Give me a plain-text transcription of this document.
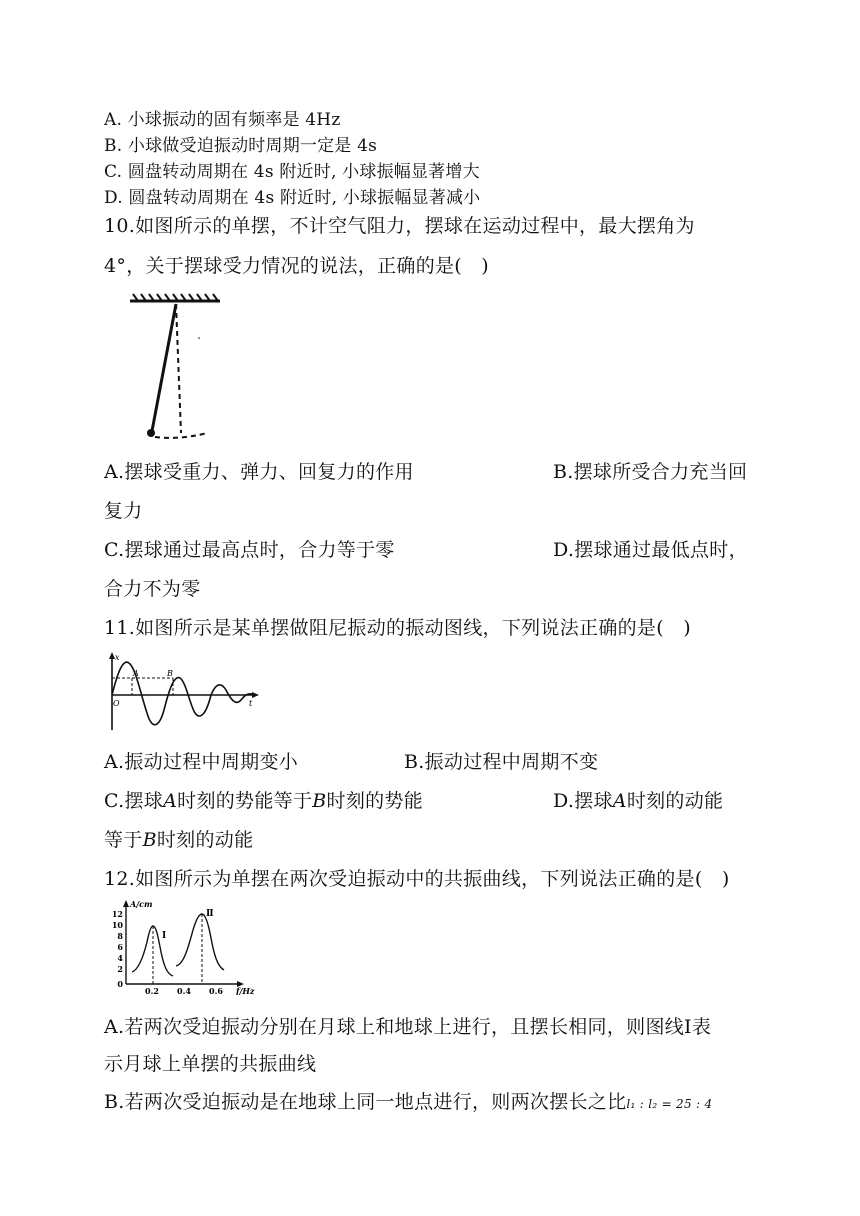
A. 小球振动的固有频率是 4Hz
B. 小球做受迫振动时周期一定是 4s
C. 圆盘转动周期在 4s 附近时, 小球振幅显著增大
D. 圆盘转动周期在 4s 附近时, 小球振幅显著减小
10.如图所示的单摆，不计空气阻力，摆球在运动过程中，最大摆角为
4°，关于摆球受力情况的说法，正确的是(　)
A.摆球受重力、弹力、回复力的作用	B.摆球所受合力充当回
复力
C.摆球通过最高点时，合力等于零	D.摆球通过最低点时，
合力不为零
11.如图所示是某单摆做阻尼振动的振动图线，下列说法正确的是(　)
x
O	t
A	B
A.振动过程中周期变小	B.振动过程中周期不变
C.摆球A时刻的势能等于B时刻的势能	D.摆球A时刻的动能
等于B时刻的动能
12.如图所示为单摆在两次受迫振动中的共振曲线，下列说法正确的是(　)
A/cm
f/Hz
12
10
8
6
4
2
0
0.2 0.4 0.6
Ⅰ
Ⅱ
A.若两次受迫振动分别在月球上和地球上进行，且摆长相同，则图线Ⅰ表
示月球上单摆的共振曲线
B.若两次受迫振动是在地球上同一地点进行，则两次摆长之比l₁ : l₂ = 25 : 4
